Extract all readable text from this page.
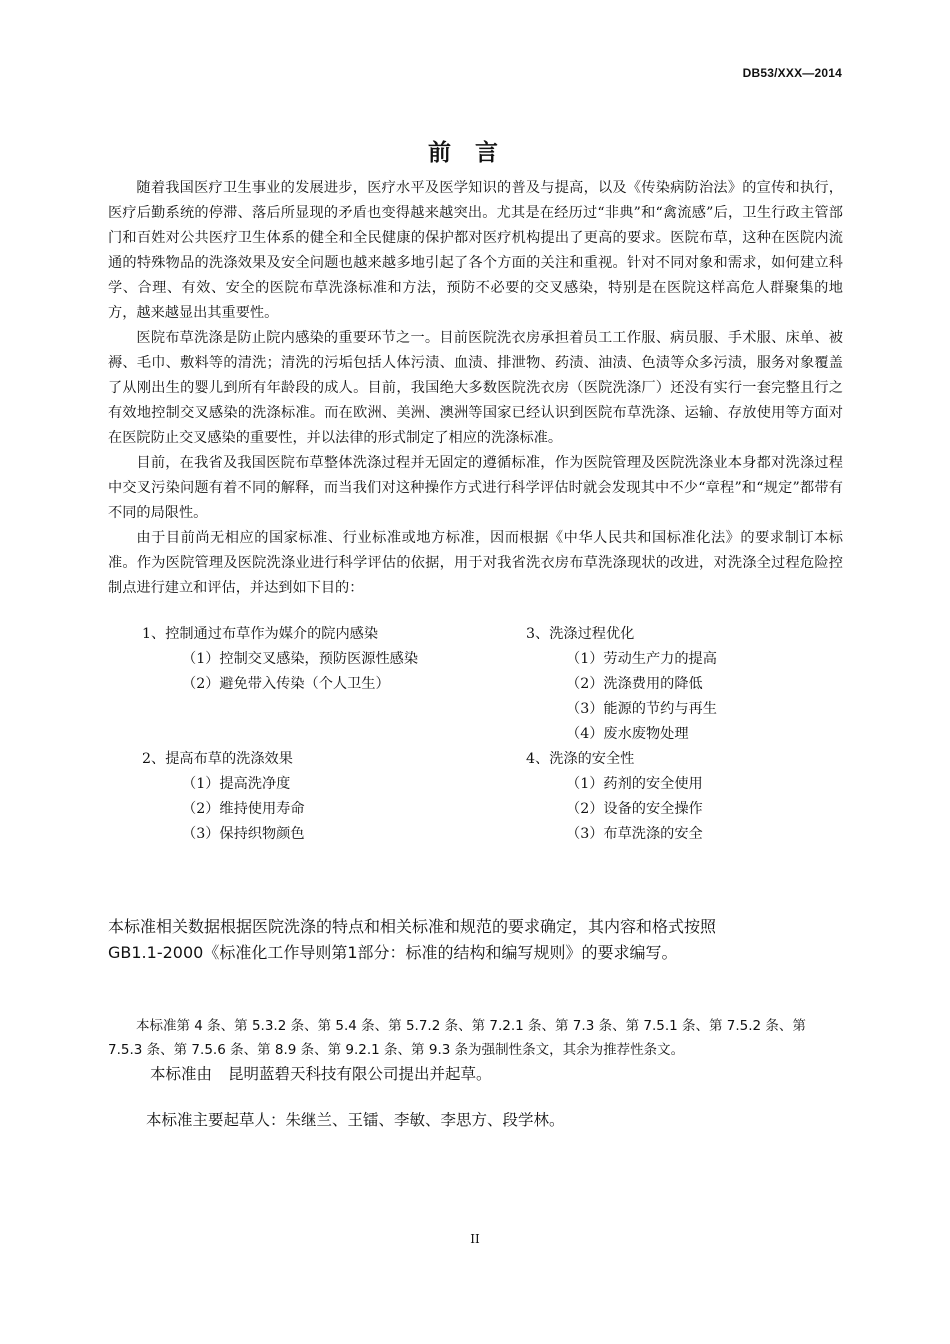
DB53/XXX—2014
前言

随着我国医疗卫生事业的发展进步，医疗水平及医学知识的普及与提高，以及《传染病防治法》的宣传和执行，医疗后勤系统的停滞、落后所显现的矛盾也变得越来越突出。尤其是在经历过“非典”和“禽流感”后，卫生行政主管部门和百姓对公共医疗卫生体系的健全和全民健康的保护都对医疗机构提出了更高的要求。医院布草，这种在医院内流通的特殊物品的洗涤效果及安全问题也越来越多地引起了各个方面的关注和重视。针对不同对象和需求，如何建立科学、合理、有效、安全的医院布草洗涤标准和方法，预防不必要的交叉感染，特别是在医院这样高危人群聚集的地方，越来越显出其重要性。

医院布草洗涤是防止院内感染的重要环节之一。目前医院洗衣房承担着员工工作服、病员服、手术服、床单、被褥、毛巾、敷料等的清洗；清洗的污垢包括人体污渍、血渍、排泄物、药渍、油渍、色渍等众多污渍，服务对象覆盖了从刚出生的婴儿到所有年龄段的成人。目前，我国绝大多数医院洗衣房（医院洗涤厂）还没有实行一套完整且行之有效地控制交叉感染的洗涤标准。而在欧洲、美洲、澳洲等国家已经认识到医院布草洗涤、运输、存放使用等方面对在医院防止交叉感染的重要性，并以法律的形式制定了相应的洗涤标准。

目前，在我省及我国医院布草整体洗涤过程并无固定的遵循标准，作为医院管理及医院洗涤业本身都对洗涤过程中交叉污染问题有着不同的解释，而当我们对这种操作方式进行科学评估时就会发现其中不少“章程”和“规定”都带有不同的局限性。

由于目前尚无相应的国家标准、行业标准或地方标准，因而根据《中华人民共和国标准化法》的要求制订本标准。作为医院管理及医院洗涤业进行科学评估的依据，用于对我省洗衣房布草洗涤现状的改进，对洗涤全过程危险控制点进行建立和评估，并达到如下目的：

1、控制通过布草作为媒介的院内感染
（1）控制交叉感染，预防医源性感染
（2）避免带入传染（个人卫生）
2、提高布草的洗涤效果
（1）提高洗净度
（2）维持使用寿命
（3）保持织物颜色
3、洗涤过程优化
（1）劳动生产力的提高
（2）洗涤费用的降低
（3）能源的节约与再生
（4）废水废物处理
4、洗涤的安全性
（1）药剂的安全使用
（2）设备的安全操作
（3）布草洗涤的安全
本标准相关数据根据医院洗涤的特点和相关标准和规范的要求确定，其内容和格式按照
GB1.1-2000《标准化工作导则第1部分：标准的结构和编写规则》的要求编写。
本标准第 4 条、第 5.3.2 条、第 5.4 条、第 5.7.2 条、第 7.2.1 条、第 7.3 条、第 7.5.1 条、第 7.5.2 条、第
7.5.3 条、第 7.5.6 条、第 8.9 条、第 9.2.1 条、第 9.3 条为强制性条文，其余为推荐性条文。
本标准由 昆明蓝碧天科技有限公司提出并起草。
本标准主要起草人：朱继兰、王镭、李敏、李思方、段学林。
II
